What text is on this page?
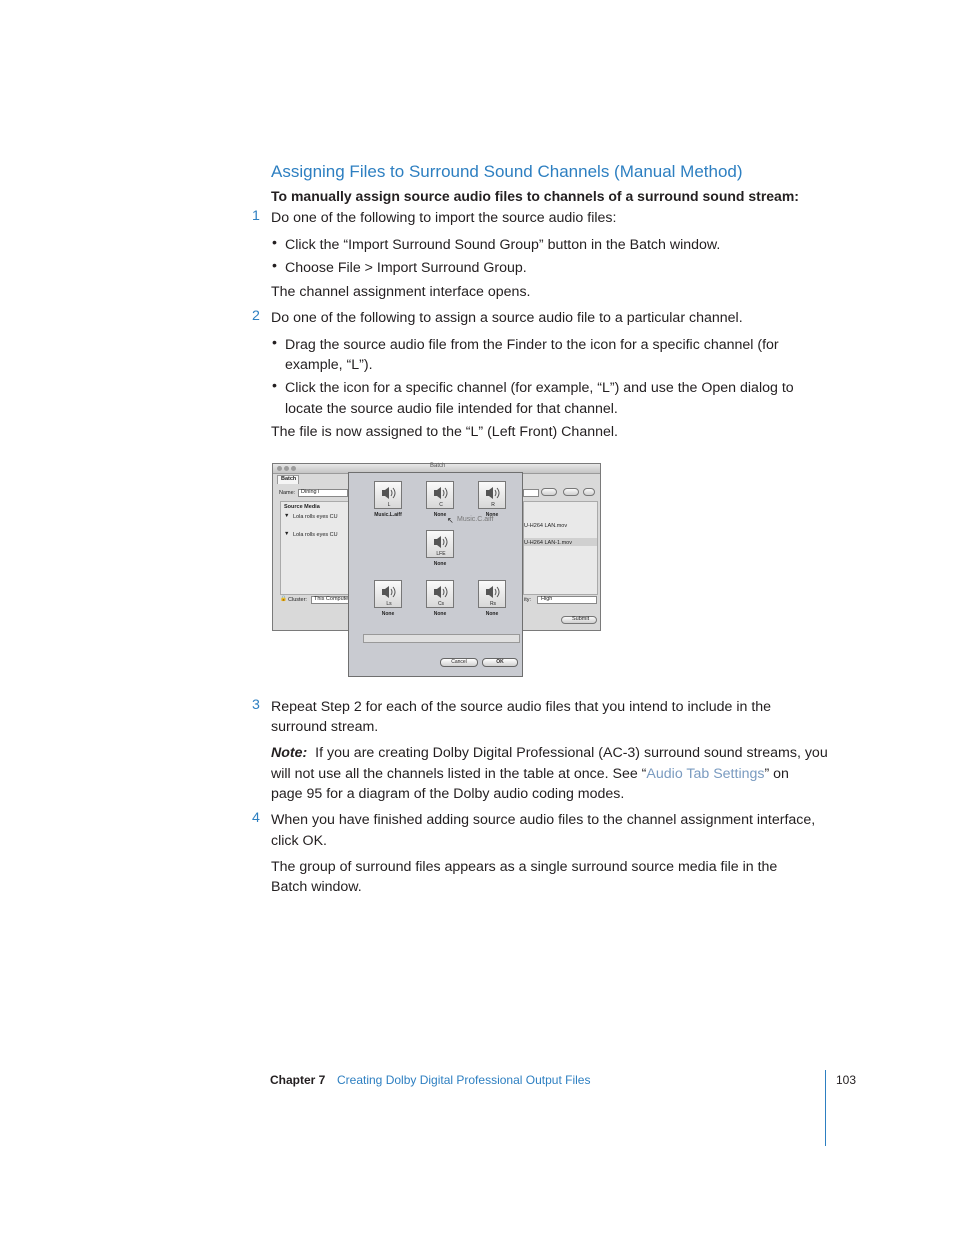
Assigning Files to Surround Sound Channels (Manual Method)
To manually assign source audio files to channels of a surround sound stream:
1 Do one of the following to import the source audio files:
• Click the “Import Surround Sound Group” button in the Batch window.
• Choose File > Import Surround Group.
The channel assignment interface opens.
2 Do one of the following to assign a source audio file to a particular channel.
• Drag the source audio file from the Finder to the icon for a specific channel (for
example, “L”).
• Click the icon for a specific channel (for example, “L”) and use the Open dialog to
locate the source audio file intended for that channel.
The file is now assigned to the “L” (Left Front) Channel.
Batch
Batch
Name: Dining i
Source Media
▼ Lola rolls eyes CU
▼ Lola rolls eyes CU
U-H264 LAN.mov
U-H264 LAN-1.mov
🔒 Cluster: This Compute	ity: High
Submit
L
Music.L.aiff
C
None
R
None
↖ Music.C.aiff
LFE
None
Ls
None
Cs
None
Rs
None
Cancel	OK
3 Repeat Step 2 for each of the source audio files that you intend to include in the
surround stream.
Note: If you are creating Dolby Digital Professional (AC-3) surround sound streams, you
will not use all the channels listed in the table at once. See “Audio Tab Settings” on
page 95 for a diagram of the Dolby audio coding modes.
4 When you have finished adding source audio files to the channel assignment interface,
click OK.
The group of surround files appears as a single surround source media file in the
Batch window.
Chapter 7 Creating Dolby Digital Professional Output Files	103
